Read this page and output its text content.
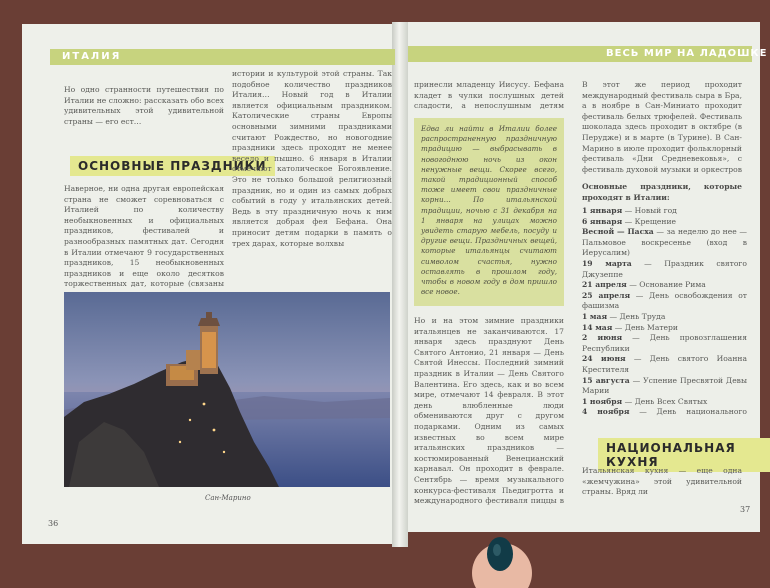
ИТАЛИЯ	ВЕСЬ МИР НА ЛАДОШКЕ
Но одно странности путешествия по Италии не сложно: рассказать обо всех удивительных этой удивительной страны — его ест…
ОСНОВНЫЕ ПРАЗДНИКИ
Наверное, ни одна другая европейская страна не сможет соревноваться с Италией по количеству необыкновенных и официальных праздников, фестивалей и разнообразных памятных дат. Сегодня в Италии отмечают 9 государственных праздников, 15 необыкновенных праздников и еще около десятков торжественных дат, которые (связаны
истории и культурой этой страны. Так подобное количество праздников Италия… Новый год в Италии является официальным праздником. Католические страны Европы основными зимними праздниками считают Рождество, но новогодние праздники здесь проходят не менее весело и пышно. 6 января в Италии отмечают католическое Богоявление. Это не только большой религиозный праздник, но и один из самых добрых событий в году у итальянских детей. Ведь в эту праздничную ночь к ним является добрая фея Бефана. Она приносит детям подарки в память о трех дарах, которые волхвы
Сан-Марино
36
принесли младенцу Иисусу. Бефана кладет в чулки послушных детей сладости, а непослушным детям
Едва ли найти в Италии более распространенную праздничную традицию — выбрасывать в новогоднюю ночь из окон ненужные вещи. Скорее всего, такой традиционный способ тоже имеет свои праздничные корни… По итальянской традиции, ночью с 31 декабря на 1 января на улицах можно увидеть старую мебель, посуду и другие вещи. Праздничных вещей, которые итальянцы считают символом счастья, нужно оставлять в прошлом году, чтобы в новом году в дом пришло все новое.
Но и на этом зимние праздники итальянцев не заканчиваются. 17 января здесь празднуют День Святого Антонио, 21 января — День Святой Инессы. Последний зимний праздник в Италии — День Святого Валентина. Его здесь, как и во всем мире, отмечают 14 февраля. В этот день влюбленные люди обмениваются друг с другом подарками. Одним из самых известных во всем мире итальянских праздников — костюмированный Венецианский карнавал. Он проходит в феврале. Сентябрь — время музыкального конкурса-фестиваля Пьедигротта и международного фестиваля пиццы в
В этот же период проходит международный фестиваль сыра в Бра, а в ноябре в Сан-Миниато проходит фестиваль белых трюфелей. Фестиваль шоколада здесь проходит в октябре (в Перудже) и в марте (в Турине). В Сан-Марино в июле проходит фольклорный фестиваль «Дни Средневековья», с фестиваль духовой музыки и оркестров
Основные праздники, которые проходят в Италии:
1 января — Новый год
6 января — Крещение
Весной — Пасха — за неделю до нее — Пальмовое воскресенье (вход в Иерусалим)
19 марта — Праздник святого Джузеппе
21 апреля — Основание Рима
25 апреля — День освобождения от фашизма
1 мая — День Труда
14 мая — День Матери
2 июня — День провозглашения Республики
24 июня — День святого Иоанна Крестителя
15 августа — Успение Пресвятой Девы Марии
1 ноября — День Всех Святых
4 ноября — День национального
НАЦИОНАЛЬНАЯ КУХНЯ
Итальянская кухня — еще одна «жемчужина» этой удивительной страны. Вряд ли
37
